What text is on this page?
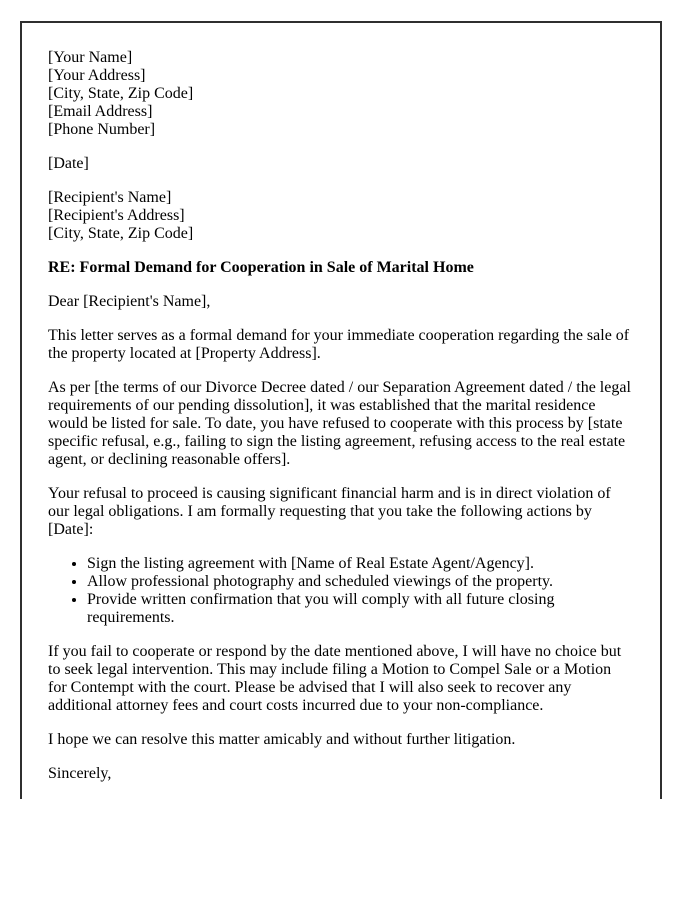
[Your Name]
[Your Address]
[City, State, Zip Code]
[Email Address]
[Phone Number]
[Date]
[Recipient's Name]
[Recipient's Address]
[City, State, Zip Code]
RE: Formal Demand for Cooperation in Sale of Marital Home
Dear [Recipient's Name],
This letter serves as a formal demand for your immediate cooperation regarding the sale of
the property located at [Property Address].
As per [the terms of our Divorce Decree dated / our Separation Agreement dated / the legal
requirements of our pending dissolution], it was established that the marital residence
would be listed for sale. To date, you have refused to cooperate with this process by [state
specific refusal, e.g., failing to sign the listing agreement, refusing access to the real estate
agent, or declining reasonable offers].
Your refusal to proceed is causing significant financial harm and is in direct violation of
our legal obligations. I am formally requesting that you take the following actions by
[Date]:
Sign the listing agreement with [Name of Real Estate Agent/Agency].
Allow professional photography and scheduled viewings of the property.
Provide written confirmation that you will comply with all future closing
requirements.
If you fail to cooperate or respond by the date mentioned above, I will have no choice but
to seek legal intervention. This may include filing a Motion to Compel Sale or a Motion
for Contempt with the court. Please be advised that I will also seek to recover any
additional attorney fees and court costs incurred due to your non-compliance.
I hope we can resolve this matter amicably and without further litigation.
Sincerely,
